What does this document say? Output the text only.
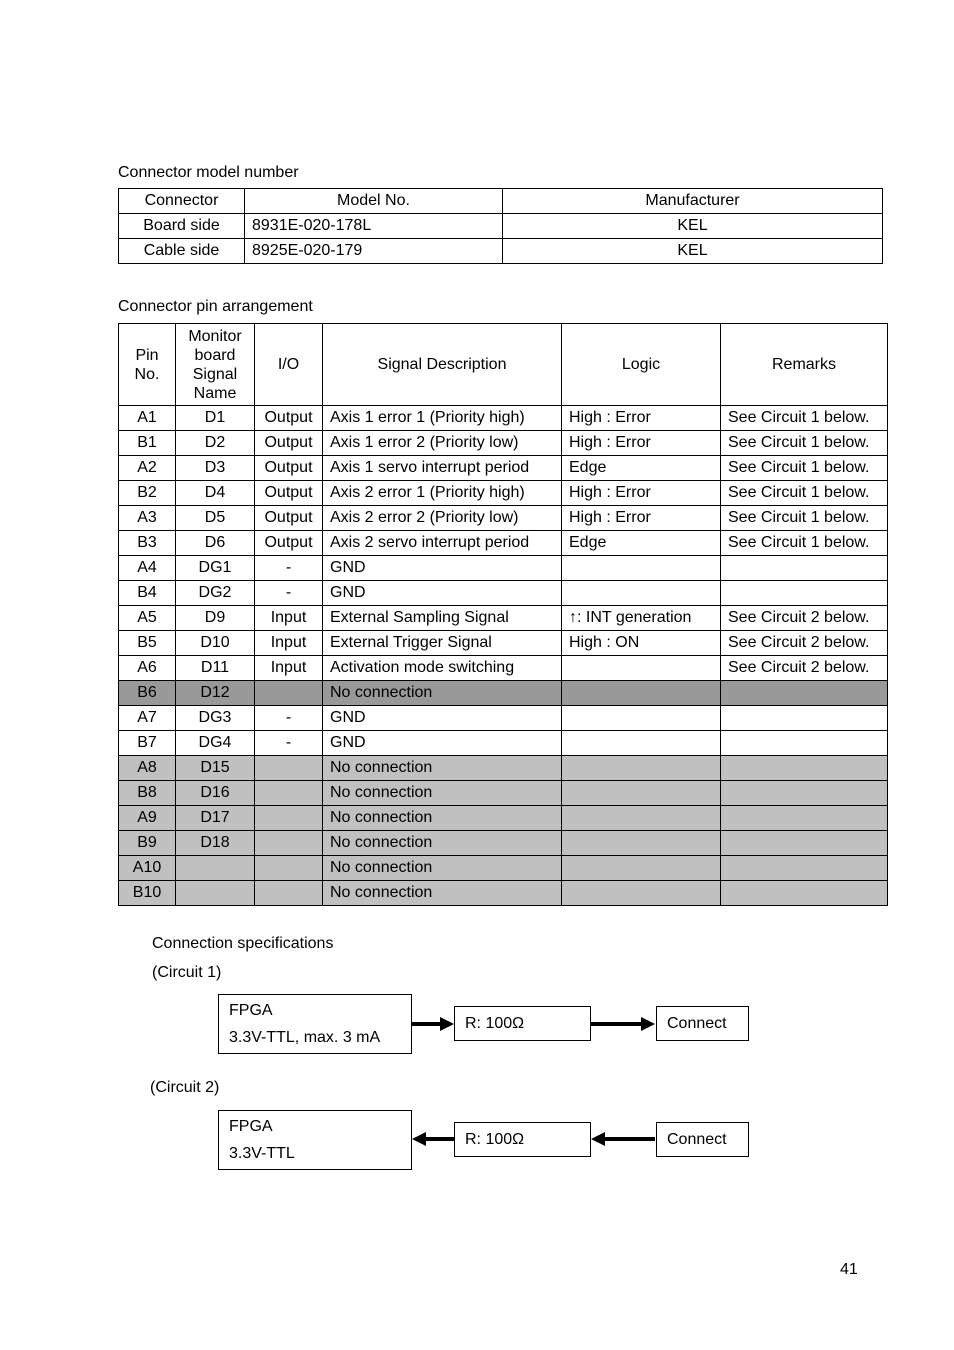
Connector model number
Connector	Model No.	Manufacturer
Board side	8931E-020-178L	KEL
Cable side	8925E-020-179	KEL
Connector pin arrangement
Pin No.	Monitor board Signal Name	I/O	Signal Description	Logic	Remarks
A1	D1	Output	Axis 1 error 1 (Priority high)	High : Error	See Circuit 1 below.
B1	D2	Output	Axis 1 error 2 (Priority low)	High : Error	See Circuit 1 below.
A2	D3	Output	Axis 1 servo interrupt period	Edge	See Circuit 1 below.
B2	D4	Output	Axis 2 error 1 (Priority high)	High : Error	See Circuit 1 below.
A3	D5	Output	Axis 2 error 2 (Priority low)	High : Error	See Circuit 1 below.
B3	D6	Output	Axis 2 servo interrupt period	Edge	See Circuit 1 below.
A4	DG1	-	GND		
B4	DG2	-	GND		
A5	D9	Input	External Sampling Signal	↑: INT generation	See Circuit 2 below.
B5	D10	Input	External Trigger Signal	High : ON	See Circuit 2 below.
A6	D11	Input	Activation mode switching		See Circuit 2 below.
B6	D12		No connection		
A7	DG3	-	GND		
B7	DG4	-	GND		
A8	D15		No connection		
B8	D16		No connection		
A9	D17		No connection		
B9	D18		No connection		
A10			No connection		
B10			No connection		
Connection specifications
(Circuit 1)
FPGA
3.3V-TTL, max. 3 mA
R: 100Ω	Connect
(Circuit 2)
FPGA
3.3V-TTL
R: 100Ω	Connect
41
